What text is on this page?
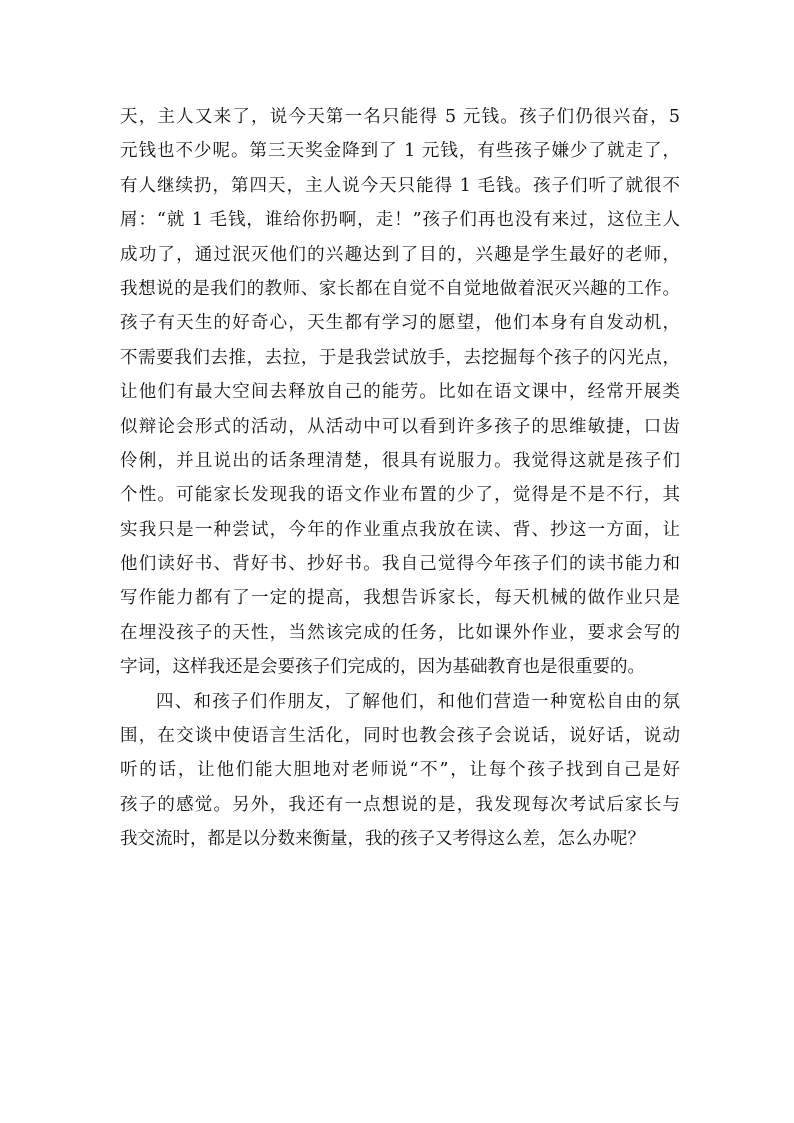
天，主人又来了，说今天第一名只能得 5 元钱。孩子们仍很兴奋，5
元钱也不少呢。第三天奖金降到了 1 元钱，有些孩子嫌少了就走了，
有人继续扔，第四天，主人说今天只能得 1 毛钱。孩子们听了就很不
屑：“就 1 毛钱，谁给你扔啊，走！”孩子们再也没有来过，这位主人
成功了，通过泯灭他们的兴趣达到了目的，兴趣是学生最好的老师，
我想说的是我们的教师、家长都在自觉不自觉地做着泯灭兴趣的工作。
孩子有天生的好奇心，天生都有学习的愿望，他们本身有自发动机，
不需要我们去推，去拉，于是我尝试放手，去挖掘每个孩子的闪光点，
让他们有最大空间去释放自己的能劳。比如在语文课中，经常开展类
似辩论会形式的活动，从活动中可以看到许多孩子的思维敏捷，口齿
伶俐，并且说出的话条理清楚，很具有说服力。我觉得这就是孩子们
个性。可能家长发现我的语文作业布置的少了，觉得是不是不行，其
实我只是一种尝试，今年的作业重点我放在读、背、抄这一方面，让
他们读好书、背好书、抄好书。我自己觉得今年孩子们的读书能力和
写作能力都有了一定的提高，我想告诉家长，每天机械的做作业只是
在埋没孩子的天性，当然该完成的任务，比如课外作业，要求会写的
字词，这样我还是会要孩子们完成的，因为基础教育也是很重要的。
四、和孩子们作朋友，了解他们，和他们营造一种宽松自由的氛
围，在交谈中使语言生活化，同时也教会孩子会说话，说好话，说动
听的话，让他们能大胆地对老师说“不”，让每个孩子找到自己是好
孩子的感觉。另外，我还有一点想说的是，我发现每次考试后家长与
我交流时，都是以分数来衡量，我的孩子又考得这么差，怎么办呢？
